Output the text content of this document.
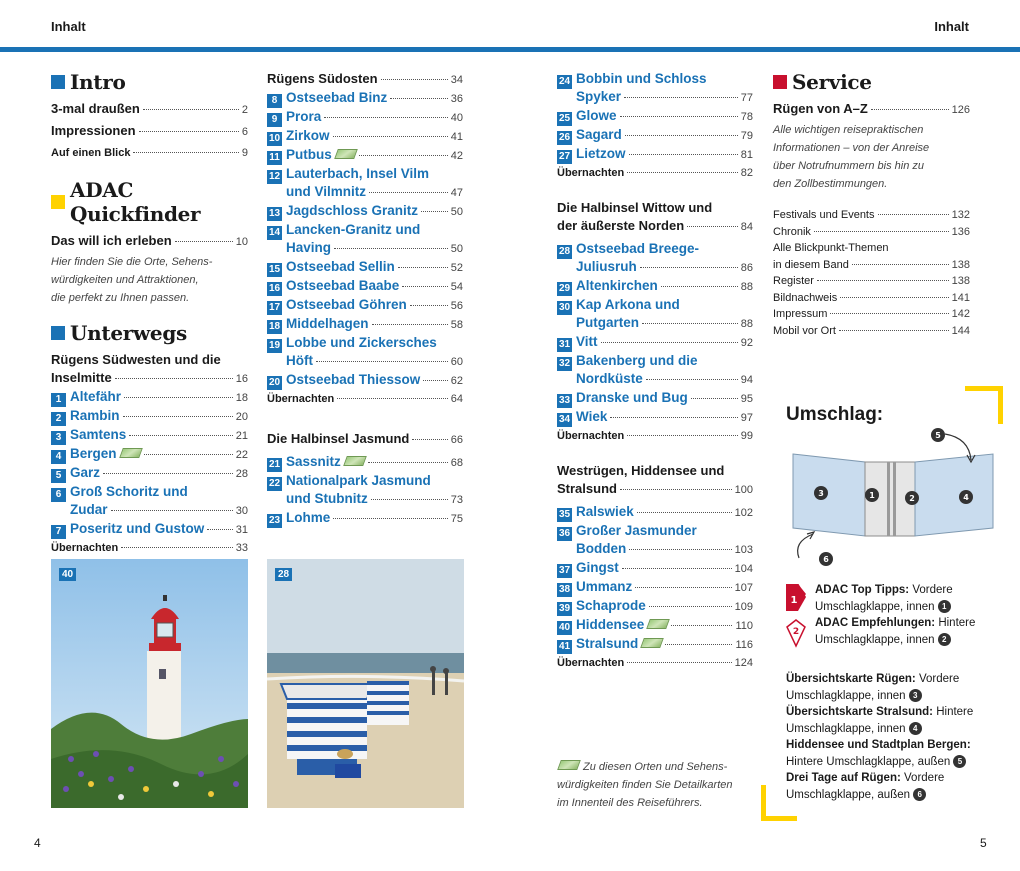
Inhalt	Inhalt
4	5
Intro
3-mal draußen	2
Impressionen	6
Auf einen Blick	9
ADAC Quickfinder
Das will ich erleben	10
Hier finden Sie die Orte, Sehens-
würdigkeiten und Attraktionen,
die perfekt zu Ihnen passen.
Unterwegs
Rügens Südwesten und die
Inselmitte	16
1 Altefähr	18
2 Rambin	20
3 Samtens	21
4 Bergen	22
5 Garz	28
6 Groß Schoritz und
Zudar	30
7 Poseritz und Gustow	31
Übernachten	33
Rügens Südosten	34
8 Ostseebad Binz	36
9 Prora	40
10 Zirkow	41
11 Putbus	42
12 Lauterbach, Insel Vilm
und Vilmnitz	47
13 Jagdschloss Granitz	50
14 Lancken-Granitz und
Having	50
15 Ostseebad Sellin	52
16 Ostseebad Baabe	54
17 Ostseebad Göhren	56
18 Middelhagen	58
19 Lobbe und Zickersches
Höft	60
20 Ostseebad Thiessow	62
Übernachten	64
Die Halbinsel Jasmund	66
21 Sassnitz	68
22 Nationalpark Jasmund
und Stubnitz	73
23 Lohme	75
24 Bobbin und Schloss
Spyker	77
25 Glowe	78
26 Sagard	79
27 Lietzow	81
Übernachten	82
Die Halbinsel Wittow und
der äußerste Norden	84
28 Ostseebad Breege-
Juliusruh	86
29 Altenkirchen	88
30 Kap Arkona und
Putgarten	88
31 Vitt	92
32 Bakenberg und die
Nordküste	94
33 Dranske und Bug	95
34 Wiek	97
Übernachten	99
Westrügen, Hiddensee und
Stralsund	100
35 Ralswiek	102
36 Großer Jasmunder
Bodden	103
37 Gingst	104
38 Ummanz	107
39 Schaprode	109
40 Hiddensee	110
41 Stralsund	116
Übernachten	124
Zu diesen Orten und Sehens-
würdigkeiten finden Sie Detailkarten
im Innenteil des Reiseführers.
Service
Rügen von A–Z	126
Alle wichtigen reisepraktischen
Informationen – von der Anreise
über Notrufnummern bis hin zu
den Zollbestimmungen.
Festivals und Events	132
Chronik	136
Alle Blickpunkt-Themen
in diesem Band	138
Register	138
Bildnachweis	141
Impressum	142
Mobil vor Ort	144
40	28
Umschlag:
5
3	1	2	4
6
1
2
ADAC Top Tipps: Vordere
Umschlagklappe, innen 1
ADAC Empfehlungen: Hintere
Umschlagklappe, innen 2
Übersichtskarte Rügen: Vordere
Umschlagklappe, innen 3
Übersichtskarte Stralsund: Hintere
Umschlagklappe, innen 4
Hiddensee und Stadtplan Bergen:
Hintere Umschlagklappe, außen 5
Drei Tage auf Rügen: Vordere
Umschlagklappe, außen 6
